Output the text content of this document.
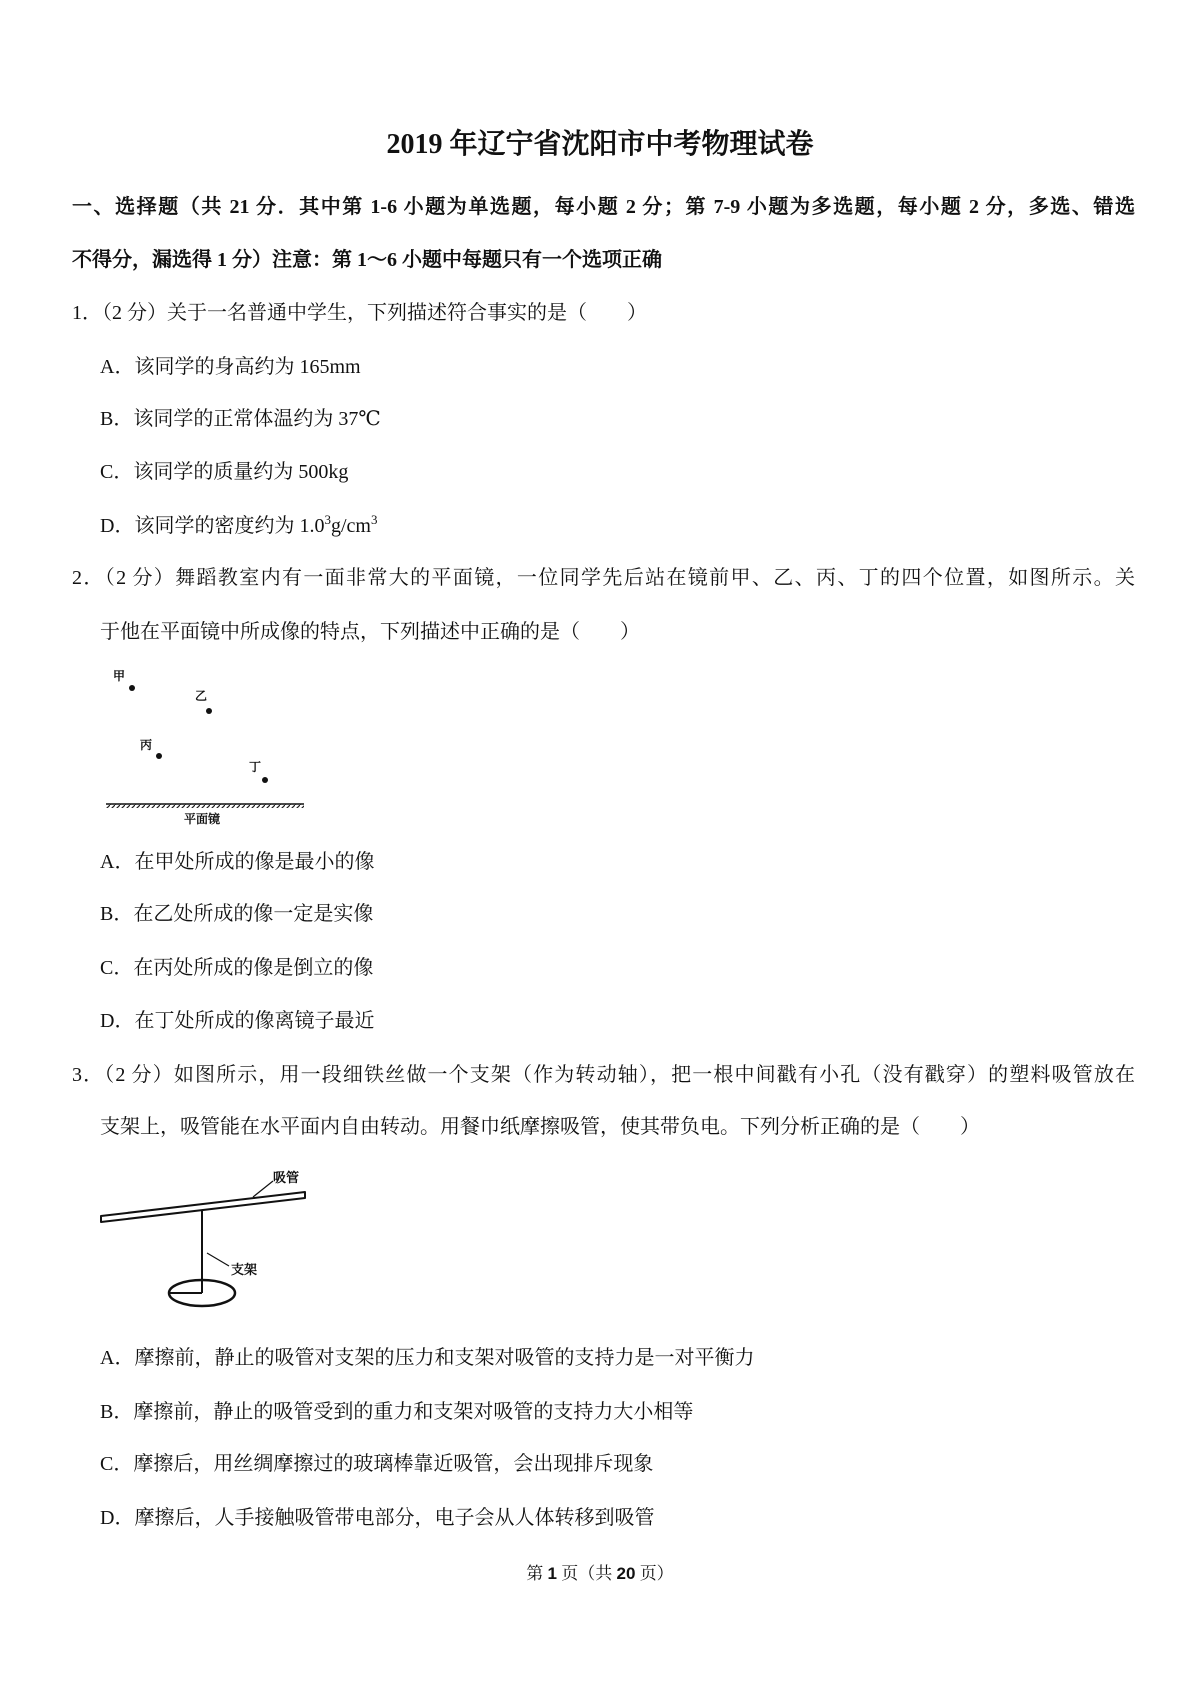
2019 年辽宁省沈阳市中考物理试卷
一、选择题（共 21 分．其中第 1-6 小题为单选题，每小题 2 分；第 7-9 小题为多选题，每小题 2 分，多选、错选
不得分，漏选得 1 分）注意：第 1～6 小题中每题只有一个选项正确
1．（2 分）关于一名普通中学生，下列描述符合事实的是（　　）
A．该同学的身高约为 165mm
B．该同学的正常体温约为 37℃
C．该同学的质量约为 500kg
D．该同学的密度约为 $1.0^3g/cm^3$
2．（2 分）舞蹈教室内有一面非常大的平面镜，一位同学先后站在镜前甲、乙、丙、丁的四个位置，如图所示。关
于他在平面镜中所成像的特点，下列描述中正确的是（　　）
甲
乙
丙
丁
平面镜
A．在甲处所成的像是最小的像
B．在乙处所成的像一定是实像
C．在丙处所成的像是倒立的像
D．在丁处所成的像离镜子最近
3．（2 分）如图所示，用一段细铁丝做一个支架（作为转动轴），把一根中间戳有小孔（没有戳穿）的塑料吸管放在
支架上，吸管能在水平面内自由转动。用餐巾纸摩擦吸管，使其带负电。下列分析正确的是（　　）
吸管
支架
A．摩擦前，静止的吸管对支架的压力和支架对吸管的支持力是一对平衡力
B．摩擦前，静止的吸管受到的重力和支架对吸管的支持力大小相等
C．摩擦后，用丝绸摩擦过的玻璃棒靠近吸管，会出现排斥现象
D．摩擦后，人手接触吸管带电部分，电子会从人体转移到吸管
第 1 页（共 20 页）
